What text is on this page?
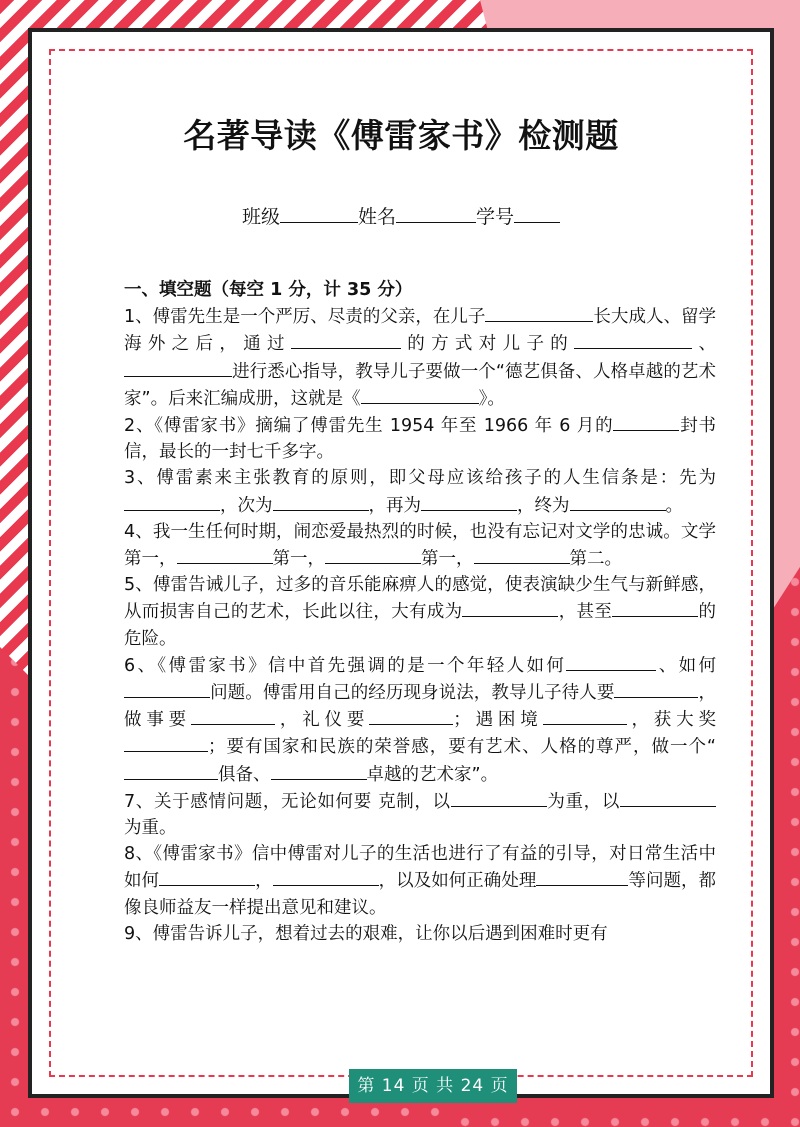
名著导读《傅雷家书》检测题
班级	姓名	学号

一、填空题（每空 1 分，计 35 分）

1、傅雷先生是一个严厉、尽责的父亲，在儿子	长大成人、留学海外之后，通过	的方式对儿子的	、进行悉心指导，教导儿子要做一个“德艺俱备、人格卓越的艺术家”。后来汇编成册，这就是《	》。

2、《傅雷家书》摘编了傅雷先生 1954 年至 1966 年 6 月的	封书信，最长的一封七千多字。

3、傅雷素来主张教育的原则，即父母应该给孩子的人生信条是：先为，次为	，再为	，终为	。

4、我一生任何时期，闹恋爱最热烈的时候，也没有忘记对文学的忠诚。文学第一，	第一，	第一，	第二。

5、傅雷告诫儿子，过多的音乐能麻痹人的感觉，使表演缺少生气与新鲜感，从而损害自己的艺术，长此以往，大有成为	，甚至	的危险。

6、《傅雷家书》信中首先强调的是一个年轻人如何	、如何问题。傅雷用自己的经历现身说法，教导儿子待人要	，做事要	，礼仪要	；遇困境	，获大奖；要有国家和民族的荣誉感，要有艺术、人格的尊严，做一个“俱备、	卓越的艺术家”。

7、关于感情问题，无论如何要 克制，以	为重，以为重。

8、《傅雷家书》信中傅雷对儿子的生活也进行了有益的引导，对日常生活中如何	，	，以及如何正确处理	等问题，都像良师益友一样提出意见和建议。

9、傅雷告诉儿子，想着过去的艰难，让你以后遇到困难时更有

第 14 页 共 24 页
